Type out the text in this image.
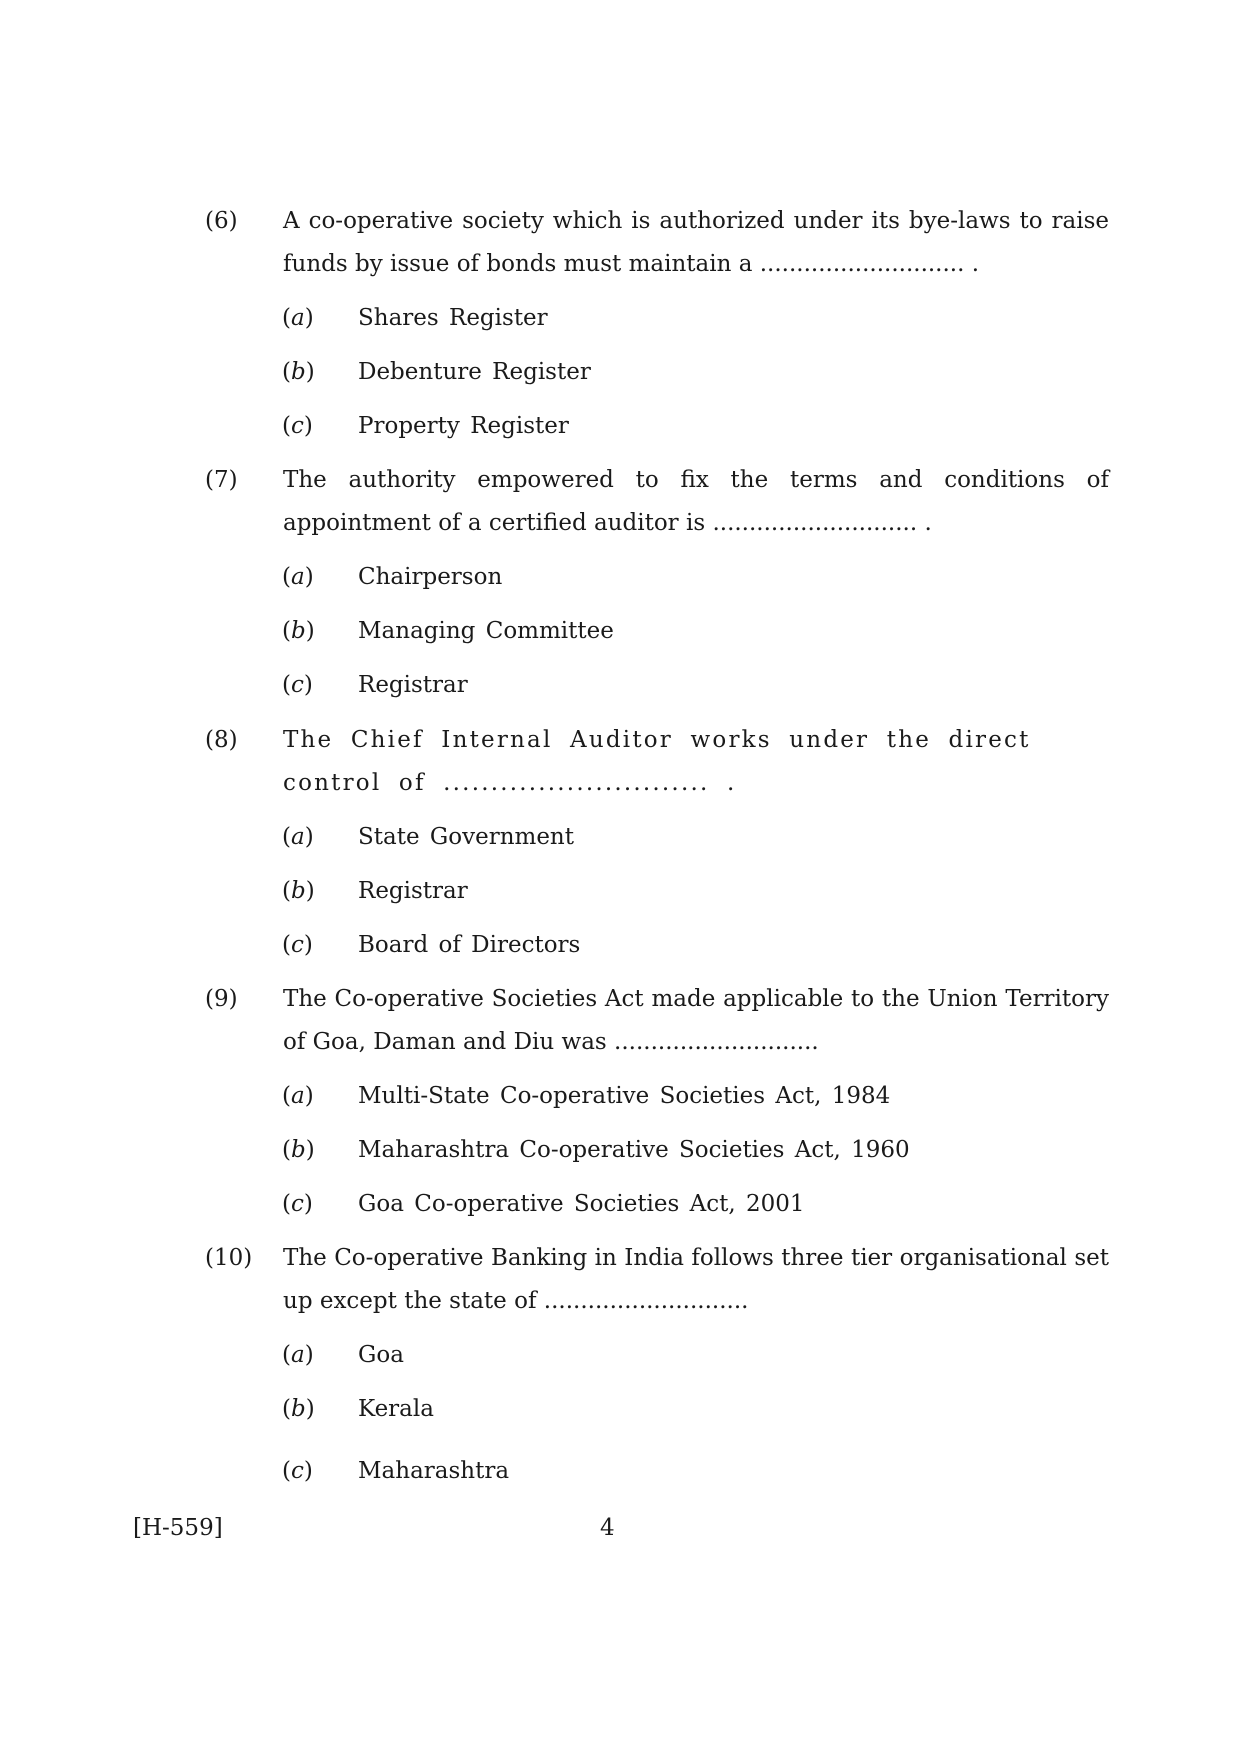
(6) A co-operative society which is authorized under its bye-laws to raise funds by issue of bonds must maintain a ............................ .
(a) Shares Register
(b) Debenture Register
(c) Property Register
(7) The authority empowered to fix the terms and conditions of appointment of a certified auditor is ............................ .
(a) Chairperson
(b) Managing Committee
(c) Registrar
(8) The Chief Internal Auditor works under the direct control of ............................ .
(a) State Government
(b) Registrar
(c) Board of Directors
(9) The Co-operative Societies Act made applicable to the Union Territory of Goa, Daman and Diu was ............................
(a) Multi-State Co-operative Societies Act, 1984
(b) Maharashtra Co-operative Societies Act, 1960
(c) Goa Co-operative Societies Act, 2001
(10) The Co-operative Banking in India follows three tier organisational set up except the state of ............................
(a) Goa
(b) Kerala
(c) Maharashtra
[H-559]	4
